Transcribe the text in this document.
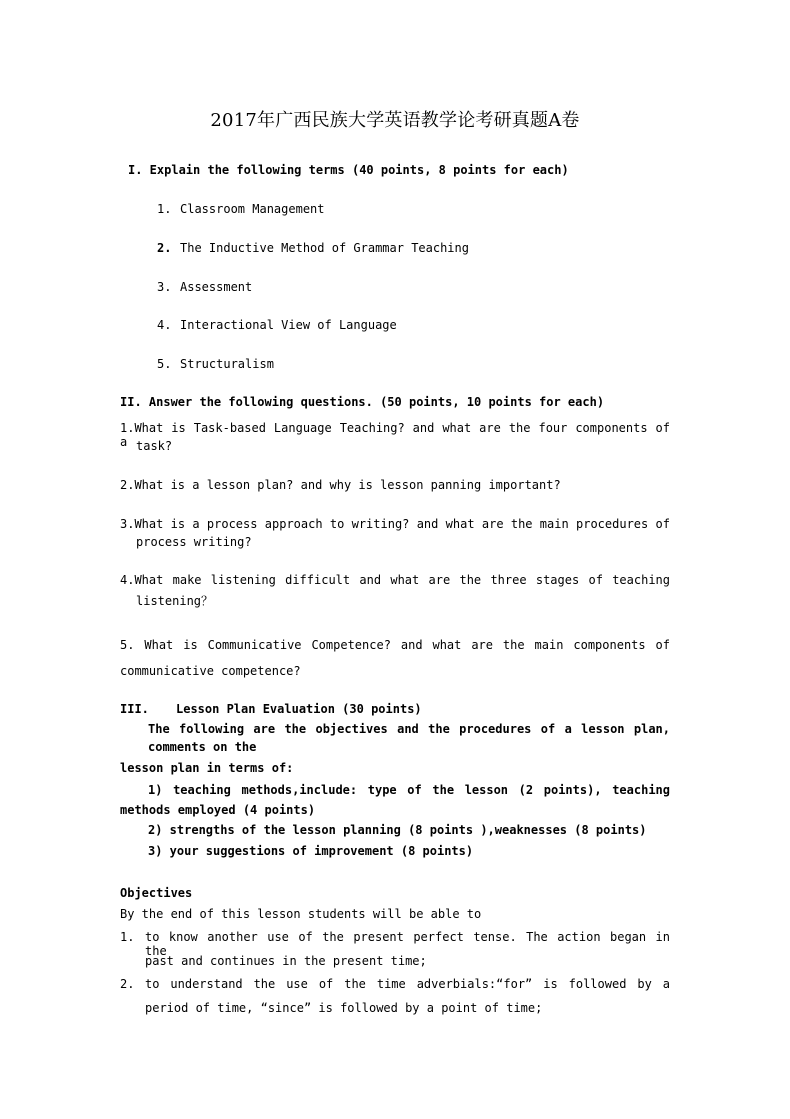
2017年广西民族大学英语教学论考研真题A卷
I. Explain the following terms (40 points, 8 points for each)
1. Classroom Management
2. The Inductive Method of Grammar Teaching
3. Assessment
4. Interactional View of Language
5. Structuralism
II. Answer the following questions. (50 points, 10 points for each)
1.What is Task-based Language Teaching? and what are the four components of a task?
2.What is a lesson plan? and why is lesson panning important?
3.What is a process approach to writing? and what are the main procedures of
process writing?
4.What make listening difficult and what are the three stages of teaching
listening？
5. What is Communicative Competence? and what are the main components of
communicative competence?
III. Lesson Plan Evaluation (30 points)
The following are the objectives and the procedures of a lesson plan,
comments on the
lesson plan in terms of:
1) teaching methods,include: type of the lesson (2 points), teaching
methods employed (4 points)
2) strengths of the lesson planning (8 points ),weaknesses (8 points)
3) your suggestions of improvement (8 points)
Objectives
By the end of this lesson students will be able to
1. to know another use of the present perfect tense. The action began in the
past and continues in the present time;
2. to understand the use of the time adverbials:“for” is followed by a
period of time, “since” is followed by a point of time;
